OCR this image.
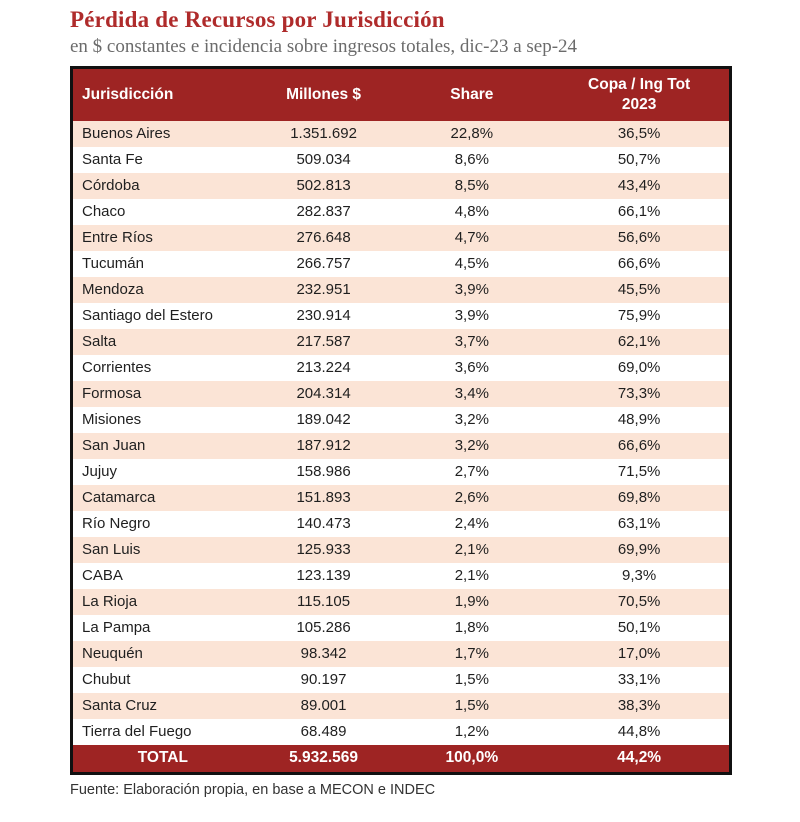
Pérdida de Recursos por Jurisdicción
en $ constantes e incidencia sobre ingresos totales, dic-23 a sep-24
Jurisdicción	Millones $	Share	Copa / Ing Tot 2023
Buenos Aires	1.351.692	22,8%	36,5%
Santa Fe	509.034	8,6%	50,7%
Córdoba	502.813	8,5%	43,4%
Chaco	282.837	4,8%	66,1%
Entre Ríos	276.648	4,7%	56,6%
Tucumán	266.757	4,5%	66,6%
Mendoza	232.951	3,9%	45,5%
Santiago del Estero	230.914	3,9%	75,9%
Salta	217.587	3,7%	62,1%
Corrientes	213.224	3,6%	69,0%
Formosa	204.314	3,4%	73,3%
Misiones	189.042	3,2%	48,9%
San Juan	187.912	3,2%	66,6%
Jujuy	158.986	2,7%	71,5%
Catamarca	151.893	2,6%	69,8%
Río Negro	140.473	2,4%	63,1%
San Luis	125.933	2,1%	69,9%
CABA	123.139	2,1%	9,3%
La Rioja	115.105	1,9%	70,5%
La Pampa	105.286	1,8%	50,1%
Neuquén	98.342	1,7%	17,0%
Chubut	90.197	1,5%	33,1%
Santa Cruz	89.001	1,5%	38,3%
Tierra del Fuego	68.489	1,2%	44,8%
TOTAL	5.932.569	100,0%	44,2%
Fuente: Elaboración propia, en base a MECON e INDEC
